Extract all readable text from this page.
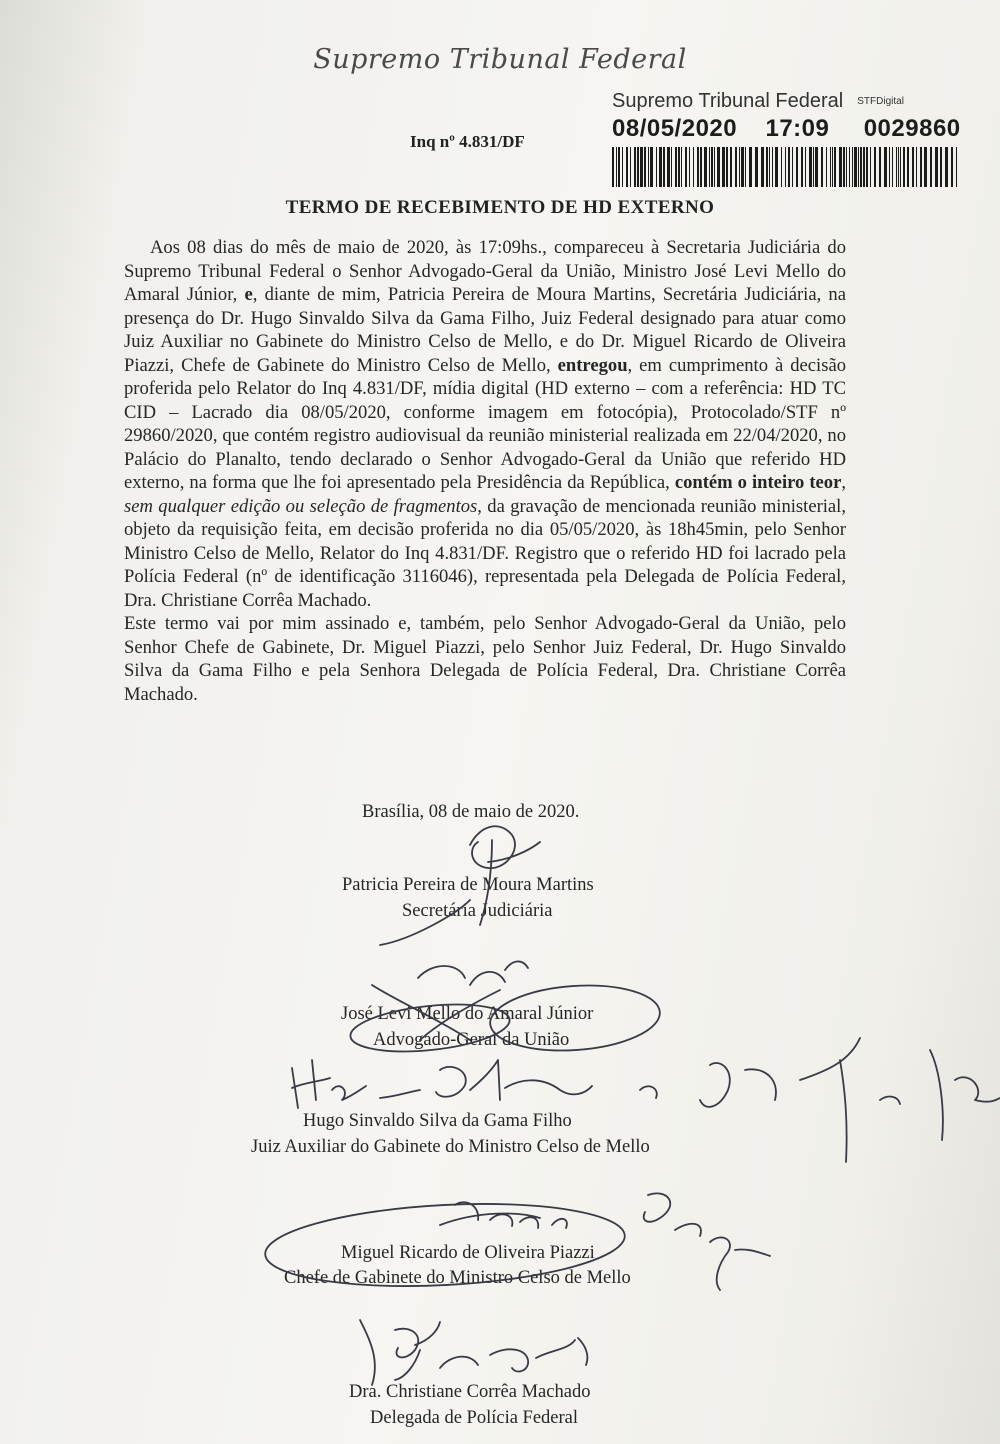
Supremo Tribunal Federal
Inq nº 4.831/DF
Supremo Tribunal Federal STFDigital
08/05/2020 17:09 0029860
TERMO DE RECEBIMENTO DE HD EXTERNO

Aos 08 dias do mês de maio de 2020, às 17:09hs., compareceu à Secretaria Judiciária do Supremo Tribunal Federal o Senhor Advogado-Geral da União, Ministro José Levi Mello do Amaral Júnior, e, diante de mim, Patricia Pereira de Moura Martins, Secretária Judiciária, na presença do Dr. Hugo Sinvaldo Silva da Gama Filho, Juiz Federal designado para atuar como Juiz Auxiliar no Gabinete do Ministro Celso de Mello, e do Dr. Miguel Ricardo de Oliveira Piazzi, Chefe de Gabinete do Ministro Celso de Mello, entregou, em cumprimento à decisão proferida pelo Relator do Inq 4.831/DF, mídia digital (HD externo – com a referência: HD TC CID – Lacrado dia 08/05/2020, conforme imagem em fotocópia), Protocolado/STF nº 29860/2020, que contém registro audiovisual da reunião ministerial realizada em 22/04/2020, no Palácio do Planalto, tendo declarado o Senhor Advogado-Geral da União que referido HD externo, na forma que lhe foi apresentado pela Presidência da República, contém o inteiro teor, sem qualquer edição ou seleção de fragmentos, da gravação de mencionada reunião ministerial, objeto da requisição feita, em decisão proferida no dia 05/05/2020, às 18h45min, pelo Senhor Ministro Celso de Mello, Relator do Inq 4.831/DF. Registro que o referido HD foi lacrado pela Polícia Federal (nº de identificação 3116046), representada pela Delegada de Polícia Federal, Dra. Christiane Corrêa Machado.

Este termo vai por mim assinado e, também, pelo Senhor Advogado-Geral da União, pelo Senhor Chefe de Gabinete, Dr. Miguel Piazzi, pelo Senhor Juiz Federal, Dr. Hugo Sinvaldo Silva da Gama Filho e pela Senhora Delegada de Polícia Federal, Dra. Christiane Corrêa Machado.

Brasília, 08 de maio de 2020.
Patricia Pereira de Moura Martins
Secretária Judiciária
José Levi Mello do Amaral Júnior
Advogado-Geral da União
Hugo Sinvaldo Silva da Gama Filho
Juiz Auxiliar do Gabinete do Ministro Celso de Mello
Miguel Ricardo de Oliveira Piazzi
Chefe de Gabinete do Ministro Celso de Mello
Dra. Christiane Corrêa Machado
Delegada de Polícia Federal
